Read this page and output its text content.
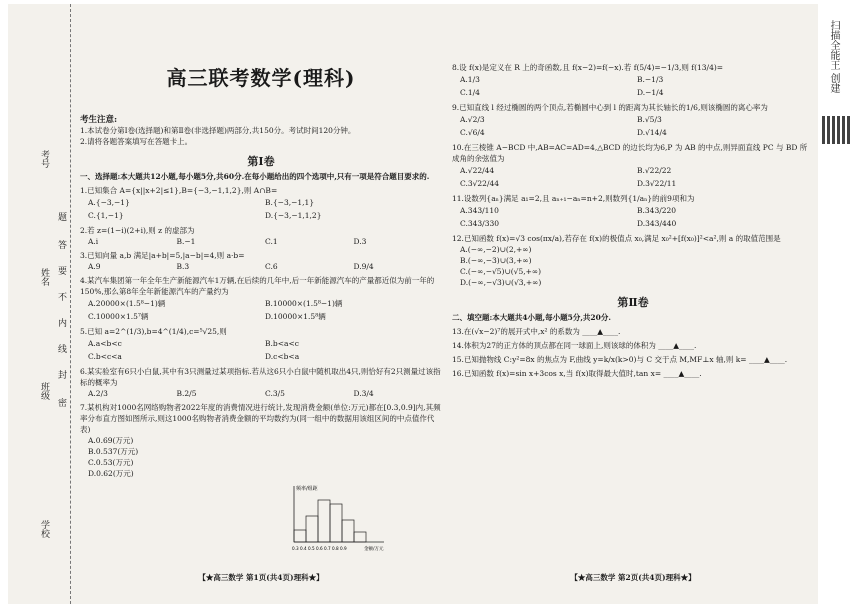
考号
姓名
班级
学校
题
答
要
不
内
线
封
密
扫描全能王 创建
高三联考数学(理科)
考生注意:
1.本试卷分第Ⅰ卷(选择题)和第Ⅱ卷(非选择题)两部分,共150分。考试时间120分钟。
2.请将各题答案填写在答题卡上。
第Ⅰ卷
一、选择题:本大题共12小题,每小题5分,共60分.在每小题给出的四个选项中,只有一项是符合题目要求的.
1.已知集合 A={x||x+2|≤1},B={−3,−1,1,2},则 A∩B=
A.{−3,−1}	B.{−3,−1,1}
C.{1,−1}	D.{−3,−1,1,2}
2.若 z=(1−i)(2+i),则 z 的虚部为
A.i	B.−1	C.1	D.3
3.已知向量 a,b 满足|a+b|=5,|a−b|=4,则 a·b=
A.9	B.3	C.6	D.9/4
4.某汽车集团第一年全年生产新能源汽车1万辆,在后续的几年中,后一年新能源汽车的产量都近似为前一年的150%,那么第8年全年新能源汽车的产量约为
A.20000×(1.5⁸−1)辆	B.10000×(1.5⁸−1)辆
C.10000×1.5⁷辆	D.10000×1.5⁸辆
5.已知 a=2^(1/3),b=4^(1/4),c=⁵√25,则
A.a<b<c	B.b<a<c
C.b<c<a	D.c<b<a
6.某实验室有6只小白鼠,其中有3只测量过某项指标.若从这6只小白鼠中随机取出4只,则恰好有2只测量过该指标的概率为
A.2/3	B.2/5	C.3/5	D.3/4
7.某机构对1000名网络购物者2022年度的消费情况进行统计,发现消费金额(单位:万元)都在[0.3,0.9]内,其频率分布直方图如图所示,则这1000名购物者消费金额的平均数约为(同一组中的数据用该组区间的中点值作代表)
A.0.69(万元)
B.0.537(万元)
C.0.53(万元)
D.0.62(万元)
频率/组距
0.3 0.4 0.5 0.6 0.7 0.8 0.9	金额/万元
【★高三数学 第1页(共4页)理科★】
8.设 f(x)是定义在 R 上的奇函数,且 f(x−2)=f(−x).若 f(5/4)=−1/3,则 f(13/4)=
A.1/3	B.−1/3
C.1/4	D.−1/4
9.已知直线 l 经过椭圆的两个顶点,若椭圆中心到 l 的距离为其长轴长的1/6,则该椭圆的离心率为
A.√2/3	B.√5/3
C.√6/4	D.√14/4
10.在三棱锥 A−BCD 中,AB=AC=AD=4,△BCD 的边长均为6,P 为 AB 的中点,则异面直线 PC 与 BD 所成角的余弦值为
A.√22/44	B.√22/22
C.3√22/44	D.3√22/11
11.设数列{aₙ}满足 a₁=2,且 aₙ₊₁−aₙ=n+2,则数列{1/aₙ}的前9项和为
A.343/110	B.343/220
C.343/330	D.343/440
12.已知函数 f(x)=√3 cos(πx/a),若存在 f(x)的极值点 x₀,满足 x₀²+[f(x₀)]²<a²,则 a 的取值范围是
A.(−∞,−2)∪(2,+∞)
B.(−∞,−3)∪(3,+∞)
C.(−∞,−√5)∪(√5,+∞)
D.(−∞,−√3)∪(√3,+∞)
第Ⅱ卷
二、填空题:本大题共4小题,每小题5分,共20分.
13.在(√x−2)⁷的展开式中,x² 的系数为 ____▲____.
14.体积为27的正方体的顶点都在同一球面上,则该球的体积为 ____▲____.
15.已知抛物线 C:y²=8x 的焦点为 F,曲线 y=k/x(k>0)与 C 交于点 M,MF⊥x 轴,则 k= ____▲____.
16.已知函数 f(x)=sin x+3cos x,当 f(x)取得最大值时,tan x= ____▲____.
【★高三数学 第2页(共4页)理科★】
